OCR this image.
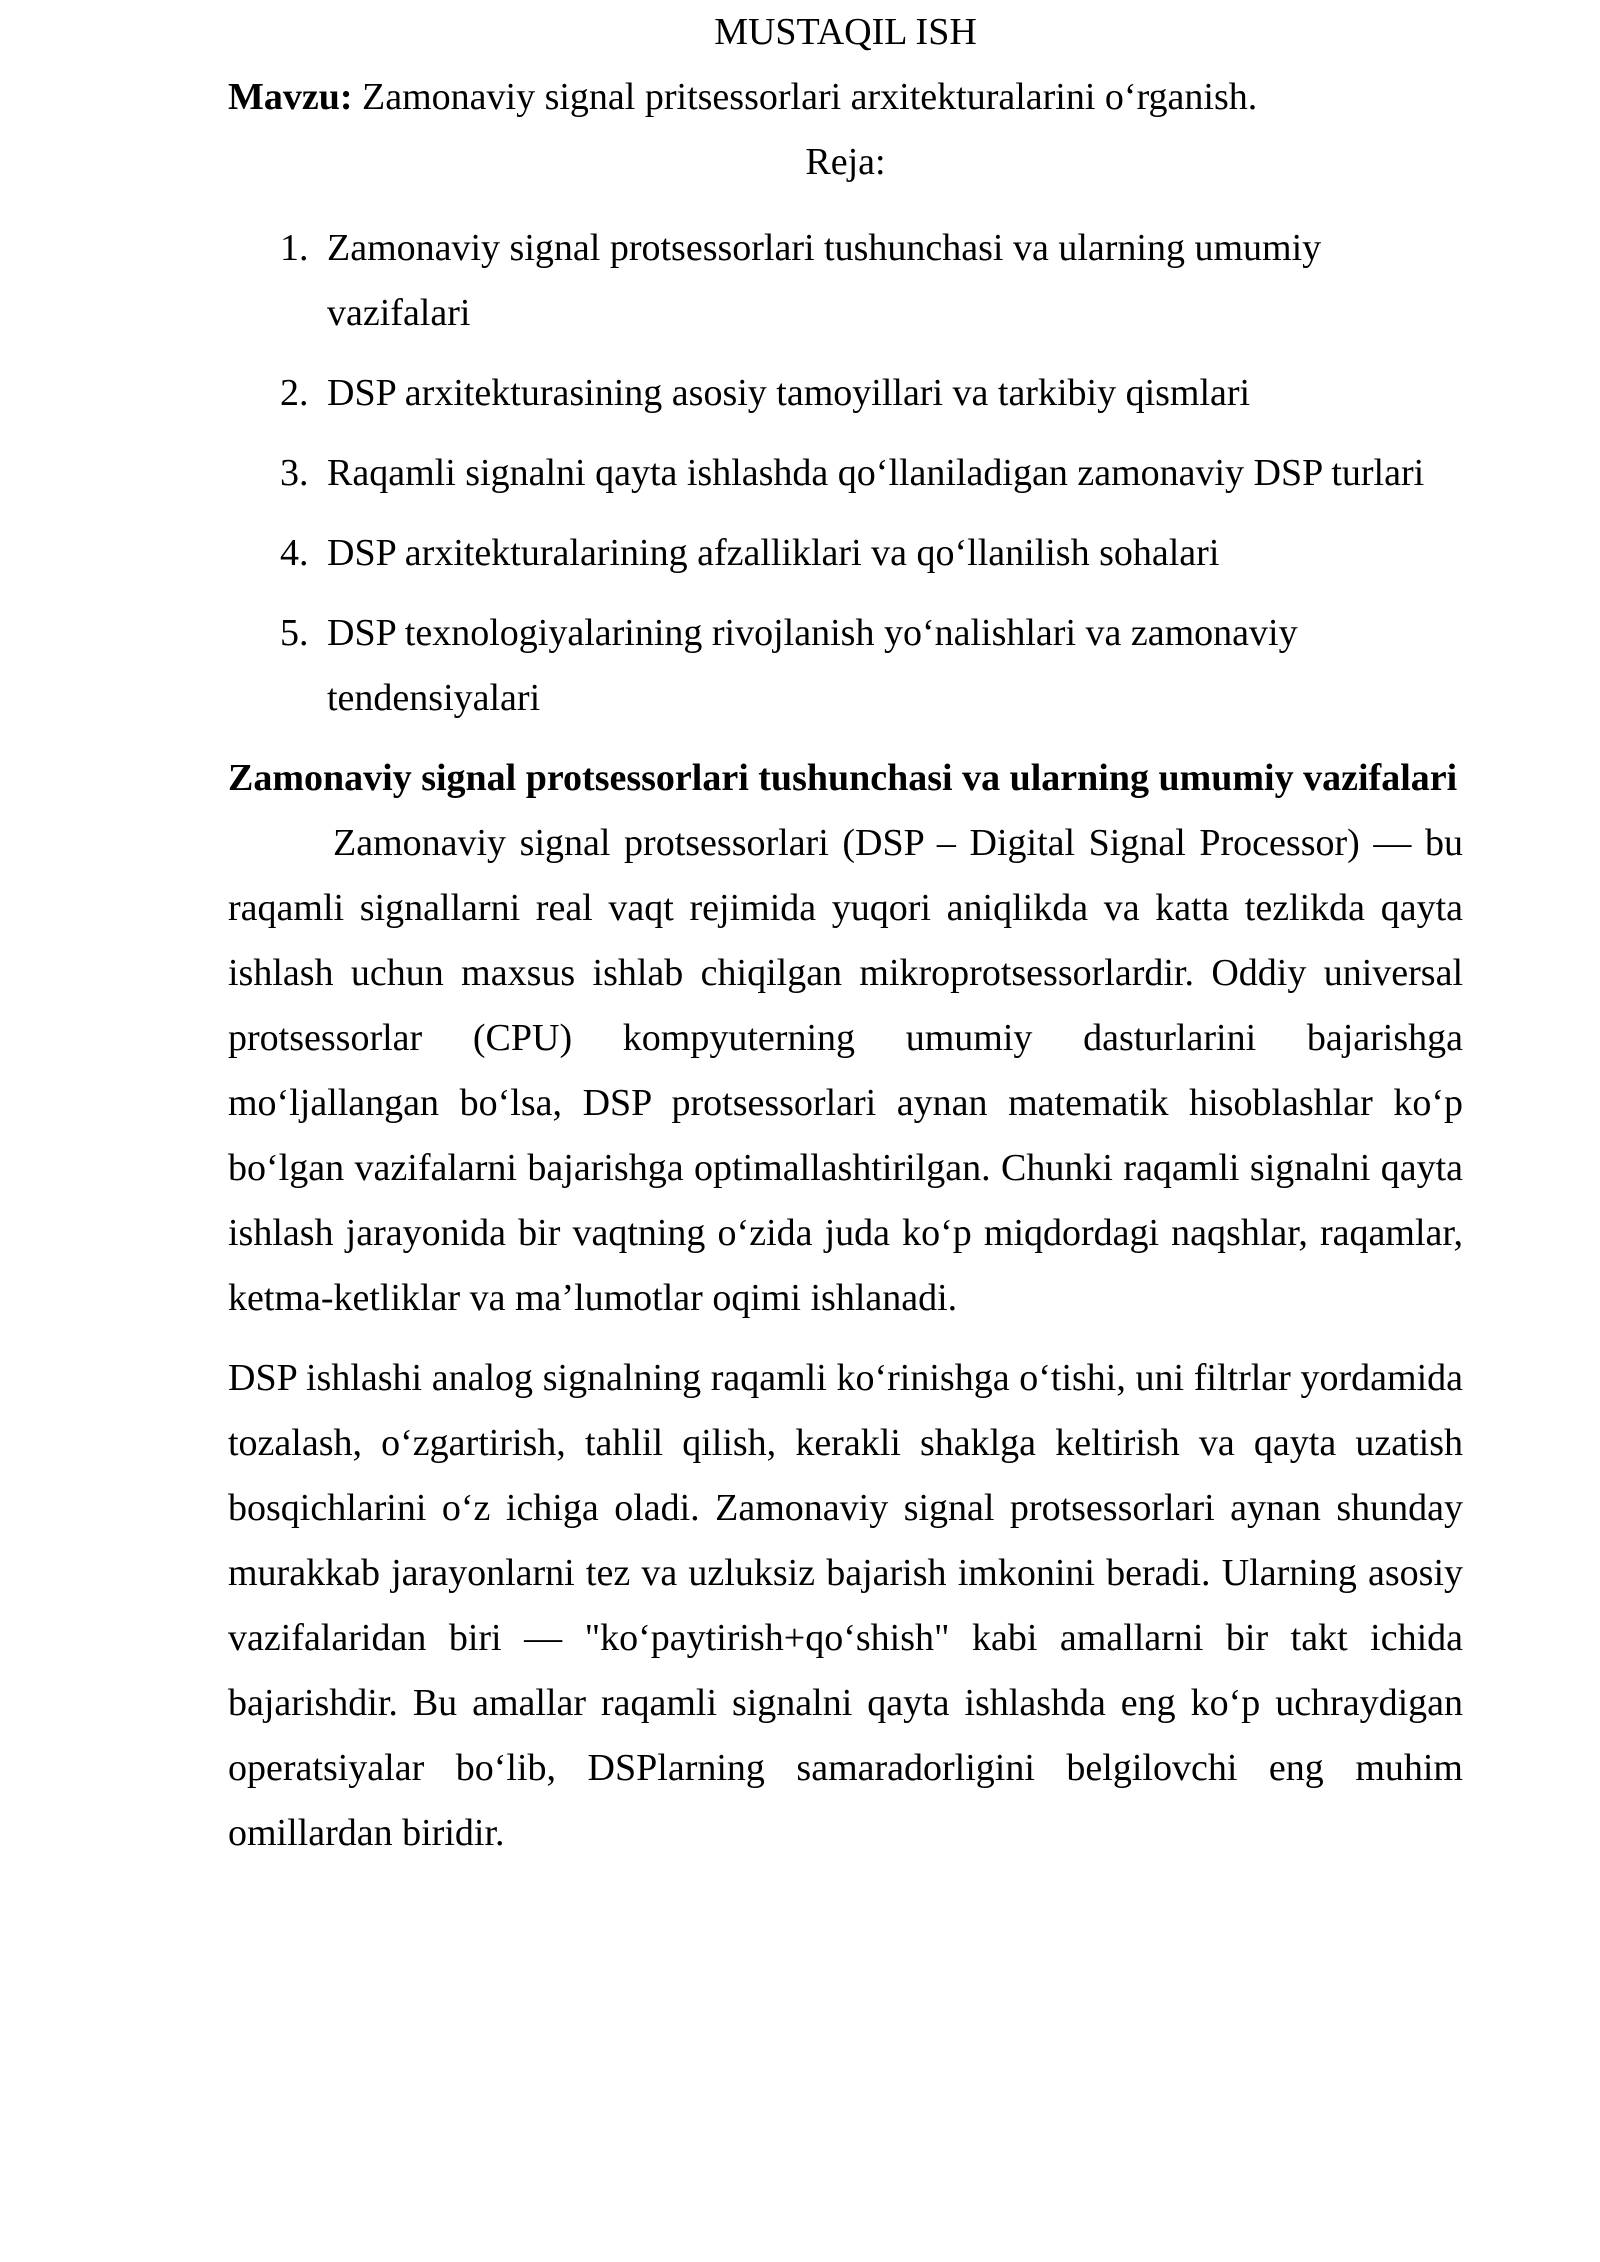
MUSTAQIL ISH

Mavzu: Zamonaviy signal pritsessorlari arxitekturalarini o‘rganish.

Reja:

1. Zamonaviy signal protsessorlari tushunchasi va ularning umumiy vazifalari
2. DSP arxitekturasining asosiy tamoyillari va tarkibiy qismlari
3. Raqamli signalni qayta ishlashda qo‘llaniladigan zamonaviy DSP turlari
4. DSP arxitekturalarining afzalliklari va qo‘llanilish sohalari
5. DSP texnologiyalarining rivojlanish yo‘nalishlari va zamonaviy tendensiyalari

Zamonaviy signal protsessorlari tushunchasi va ularning umumiy vazifalari

Zamonaviy signal protsessorlari (DSP – Digital Signal Processor) — bu raqamli signallarni real vaqt rejimida yuqori aniqlikda va katta tezlikda qayta ishlash uchun maxsus ishlab chiqilgan mikroprotsessorlardir. Oddiy universal protsessorlar (CPU) kompyuterning umumiy dasturlarini bajarishga mo‘ljallangan bo‘lsa, DSP protsessorlari aynan matematik hisoblashlar ko‘p bo‘lgan vazifalarni bajarishga optimallashtirilgan. Chunki raqamli signalni qayta ishlash jarayonida bir vaqtning o‘zida juda ko‘p miqdordagi naqshlar, raqamlar, ketma-ketliklar va ma’lumotlar oqimi ishlanadi.

DSP ishlashi analog signalning raqamli ko‘rinishga o‘tishi, uni filtrlar yordamida tozalash, o‘zgartirish, tahlil qilish, kerakli shaklga keltirish va qayta uzatish bosqichlarini o‘z ichiga oladi. Zamonaviy signal protsessorlari aynan shunday murakkab jarayonlarni tez va uzluksiz bajarish imkonini beradi. Ularning asosiy vazifalaridan biri — "ko‘paytirish+qo‘shish" kabi amallarni bir takt ichida bajarishdir. Bu amallar raqamli signalni qayta ishlashda eng ko‘p uchraydigan operatsiyalar bo‘lib, DSPlarning samaradorligini belgilovchi eng muhim omillardan biridir.
